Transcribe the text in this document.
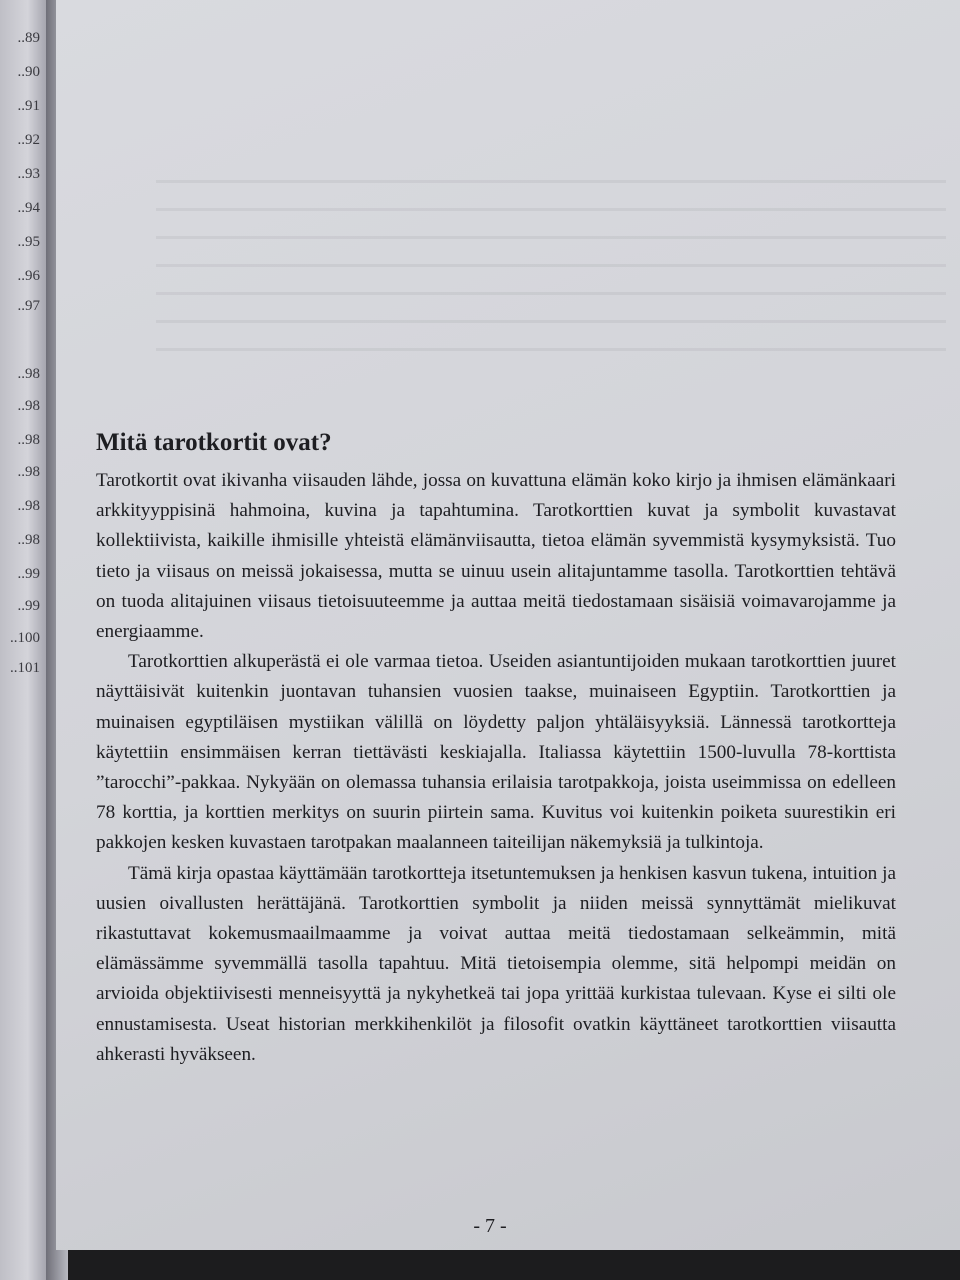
..89
..90
..91
..92
..93
..94
..95
..96
..97
..98
..98
..98
..98
..98
..98
..99
..99
..100
..101
Mitä tarotkortit ovat?

Tarotkortit ovat ikivanha viisauden lähde, jossa on kuvattuna elämän koko kirjo ja ihmisen elämänkaari arkkityyppisinä hahmoina, kuvina ja tapahtumina. Tarotkorttien kuvat ja symbolit kuvastavat kollektiivista, kaikille ihmisille yhteistä elämänviisautta, tietoa elämän syvemmistä kysymyksistä. Tuo tieto ja viisaus on meissä jokaisessa, mutta se uinuu usein alitajuntamme tasolla. Tarotkorttien tehtävä on tuoda alitajuinen viisaus tietoisuuteemme ja auttaa meitä tiedostamaan sisäisiä voimavarojamme ja energiaamme.

Tarotkorttien alkuperästä ei ole varmaa tietoa. Useiden asiantuntijoiden mukaan tarotkorttien juuret näyttäisivät kuitenkin juontavan tuhansien vuosien taakse, muinaiseen Egyptiin. Tarotkorttien ja muinaisen egyptiläisen mystiikan välillä on löydetty paljon yhtäläisyyksiä. Lännessä tarotkortteja käytettiin ensimmäisen kerran tiettävästi keskiajalla. Italiassa käytettiin 1500-luvulla 78-korttista ”tarocchi”-pakkaa. Nykyään on olemassa tuhansia erilaisia tarotpakkoja, joista useimmissa on edelleen 78 korttia, ja korttien merkitys on suurin piirtein sama. Kuvitus voi kuitenkin poiketa suurestikin eri pakkojen kesken kuvastaen tarotpakan maalanneen taiteilijan näkemyksiä ja tulkintoja.

Tämä kirja opastaa käyttämään tarotkortteja itsetuntemuksen ja henkisen kasvun tukena, intuition ja uusien oivallusten herättäjänä. Tarotkorttien symbolit ja niiden meissä synnyttämät mielikuvat rikastuttavat kokemusmaailmaamme ja voivat auttaa meitä tiedostamaan selkeämmin, mitä elämässämme syvemmällä tasolla tapahtuu. Mitä tietoisempia olemme, sitä helpompi meidän on arvioida objektiivisesti menneisyyttä ja nykyhetkeä tai jopa yrittää kurkistaa tulevaan. Kyse ei silti ole ennustamisesta. Useat historian merkkihenkilöt ja filosofit ovatkin käyttäneet tarotkorttien viisautta ahkerasti hyväkseen.

- 7 -
